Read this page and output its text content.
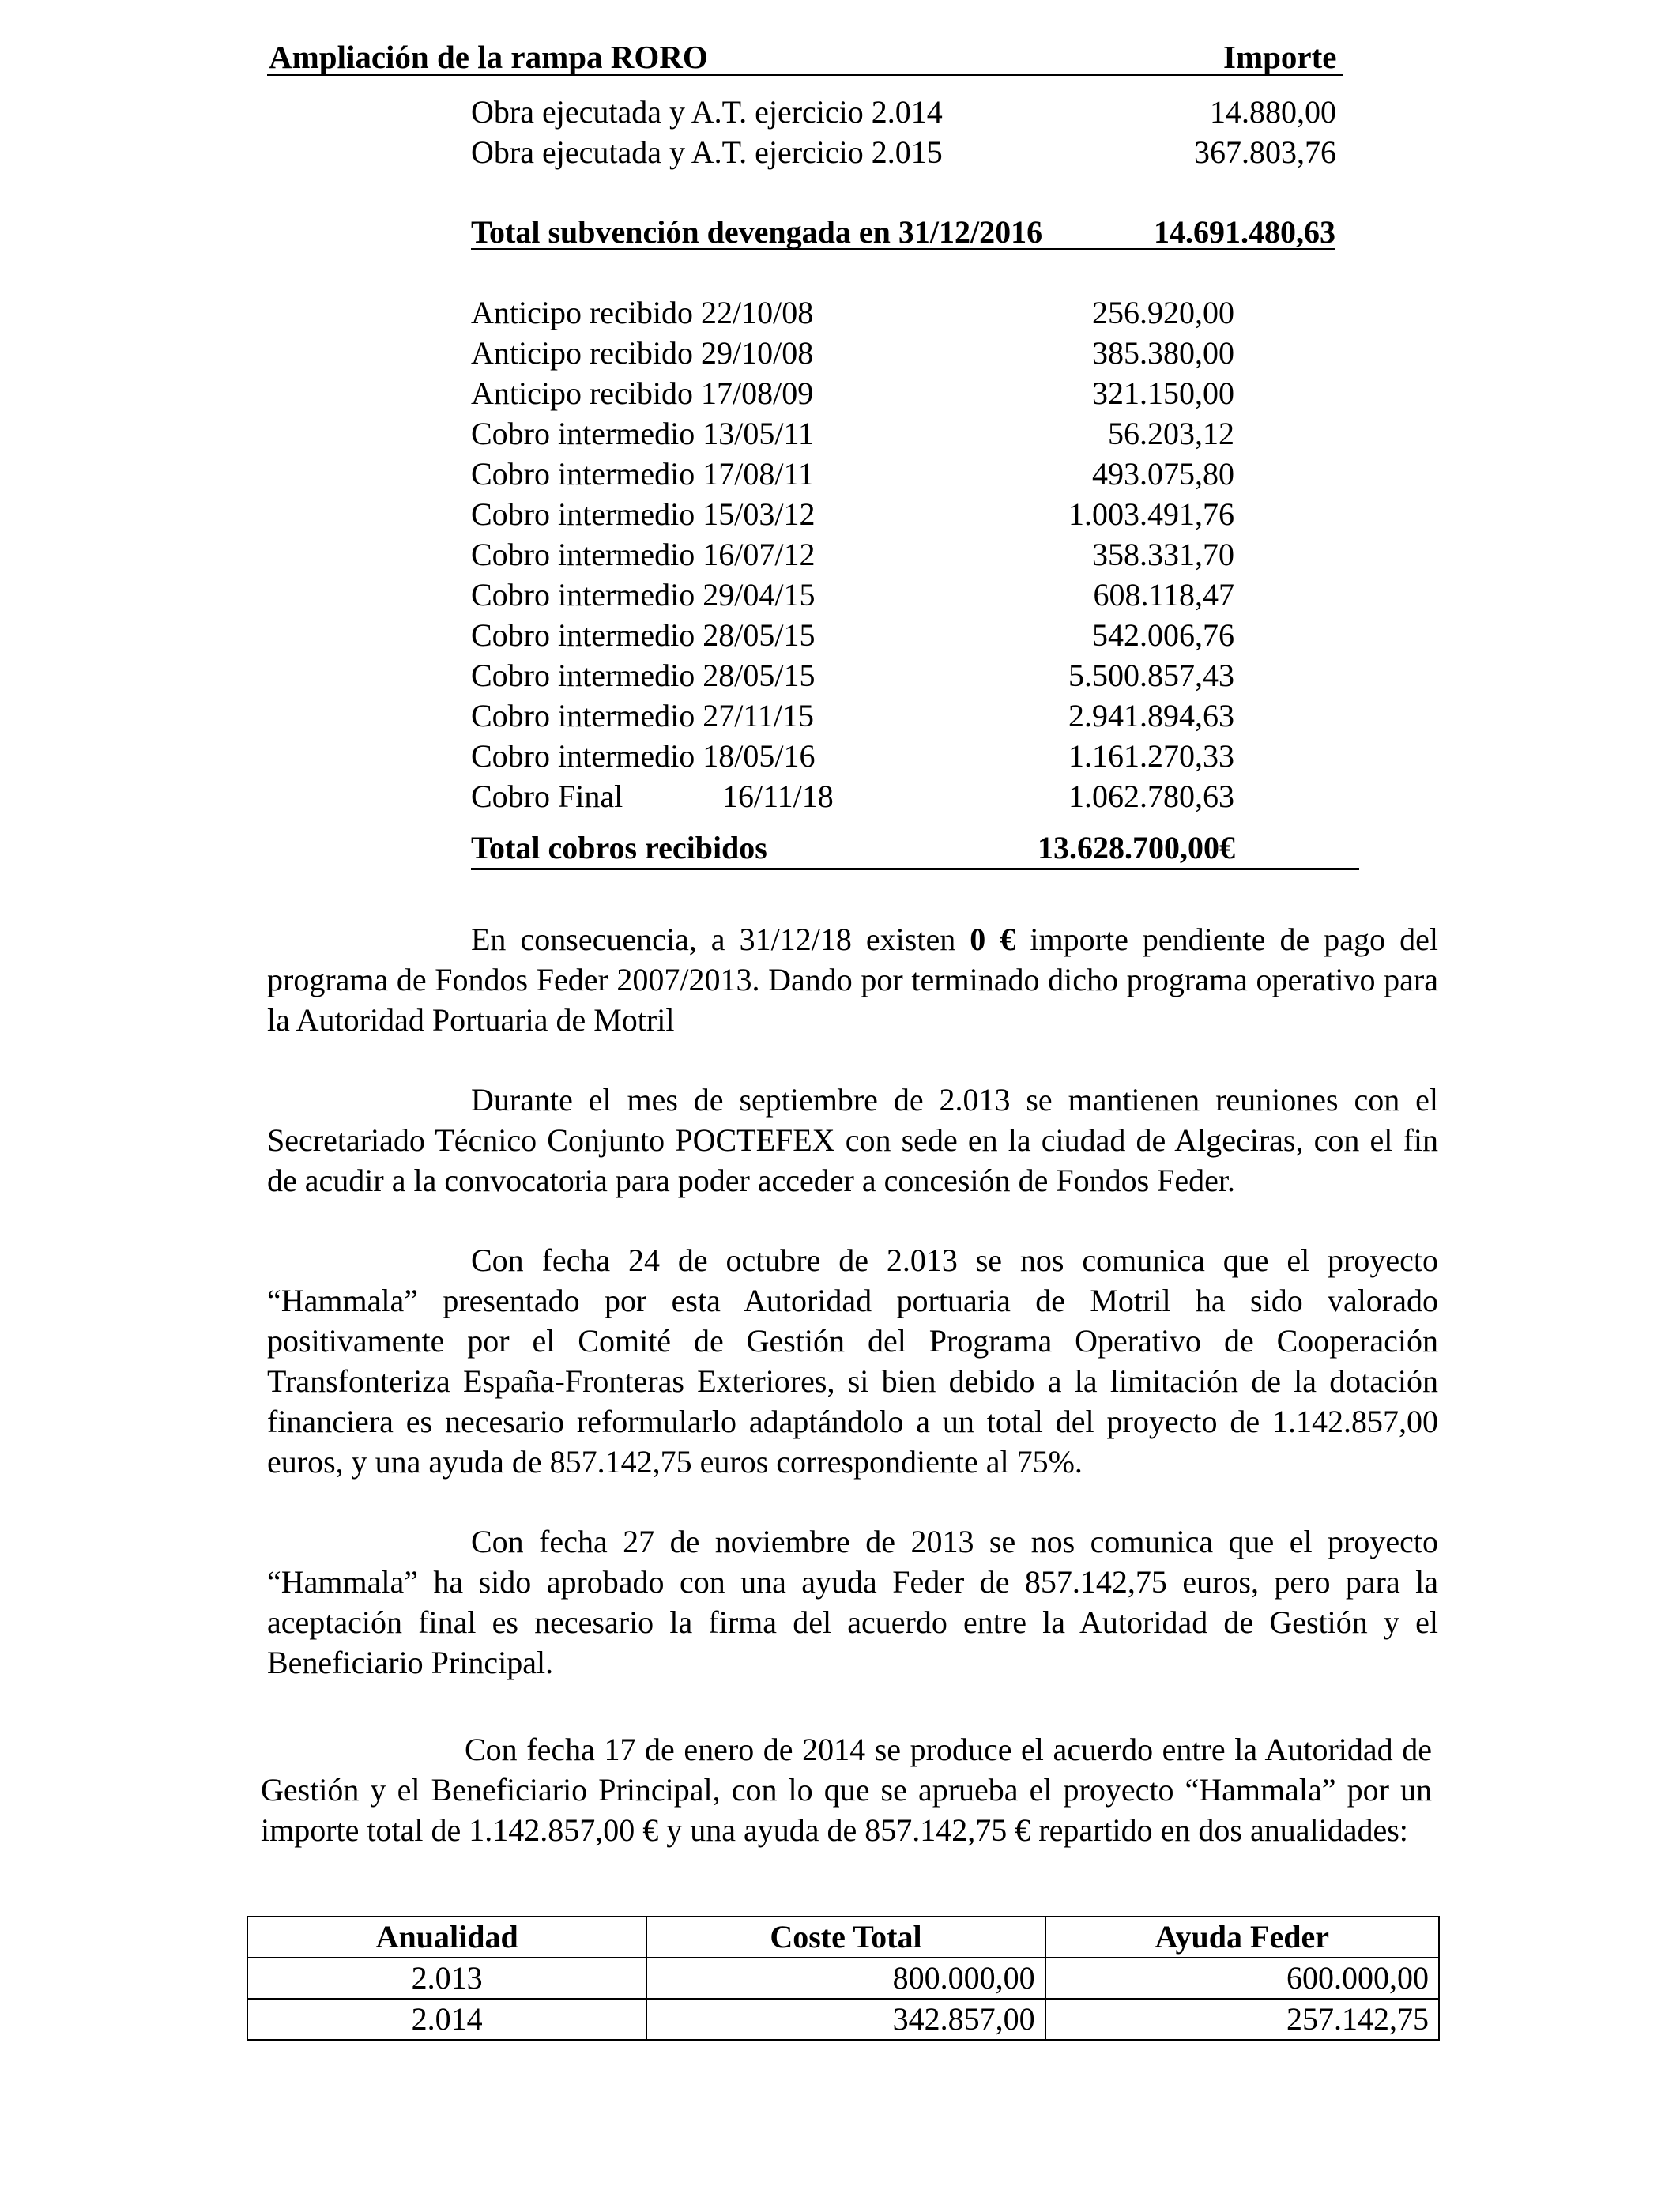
Ampliación de la rampa RORO	Importe
Obra ejecutada y A.T. ejercicio 2.014	14.880,00
Obra ejecutada y A.T. ejercicio 2.015	367.803,76
Total subvención devengada en 31/12/2016	14.691.480,63
Anticipo recibido 22/10/08	256.920,00
Anticipo recibido 29/10/08	385.380,00
Anticipo recibido 17/08/09	321.150,00
Cobro intermedio 13/05/11	56.203,12
Cobro intermedio 17/08/11	493.075,80
Cobro intermedio 15/03/12	1.003.491,76
Cobro intermedio 16/07/12	358.331,70
Cobro intermedio 29/04/15	608.118,47
Cobro intermedio 28/05/15	542.006,76
Cobro intermedio 28/05/15	5.500.857,43
Cobro intermedio 27/11/15	2.941.894,63
Cobro intermedio 18/05/16	1.161.270,33
Cobro Final	16/11/18	1.062.780,63
Total cobros recibidos	13.628.700,00€

En consecuencia, a 31/12/18 existen 0 € importe pendiente de pago del programa de Fondos Feder 2007/2013. Dando por terminado dicho programa operativo para la Autoridad Portuaria de Motril

Durante el mes de septiembre de 2.013 se mantienen reuniones con el Secretariado Técnico Conjunto POCTEFEX con sede en la ciudad de Algeciras, con el fin de acudir a la convocatoria para poder acceder a concesión de Fondos Feder.

Con fecha 24 de octubre de 2.013 se nos comunica que el proyecto “Hammala” presentado por esta Autoridad portuaria de Motril ha sido valorado positivamente por el Comité de Gestión del Programa Operativo de Cooperación Transfonteriza España-Fronteras Exteriores, si bien debido a la limitación de la dotación financiera es necesario reformularlo adaptándolo a un total del proyecto de 1.142.857,00 euros, y una ayuda de 857.142,75 euros correspondiente al 75%.

Con fecha 27 de noviembre de 2013 se nos comunica que el proyecto “Hammala” ha sido aprobado con una ayuda Feder de 857.142,75 euros, pero para la aceptación final es necesario la firma del acuerdo entre la Autoridad de Gestión y el Beneficiario Principal.

Con fecha 17 de enero de 2014 se produce el acuerdo entre la Autoridad de Gestión y el Beneficiario Principal, con lo que se aprueba el proyecto “Hammala” por un importe total de 1.142.857,00 € y una ayuda de 857.142,75 € repartido en dos anualidades:

Anualidad	Coste Total	Ayuda Feder
2.013	800.000,00	600.000,00
2.014	342.857,00	257.142,75
